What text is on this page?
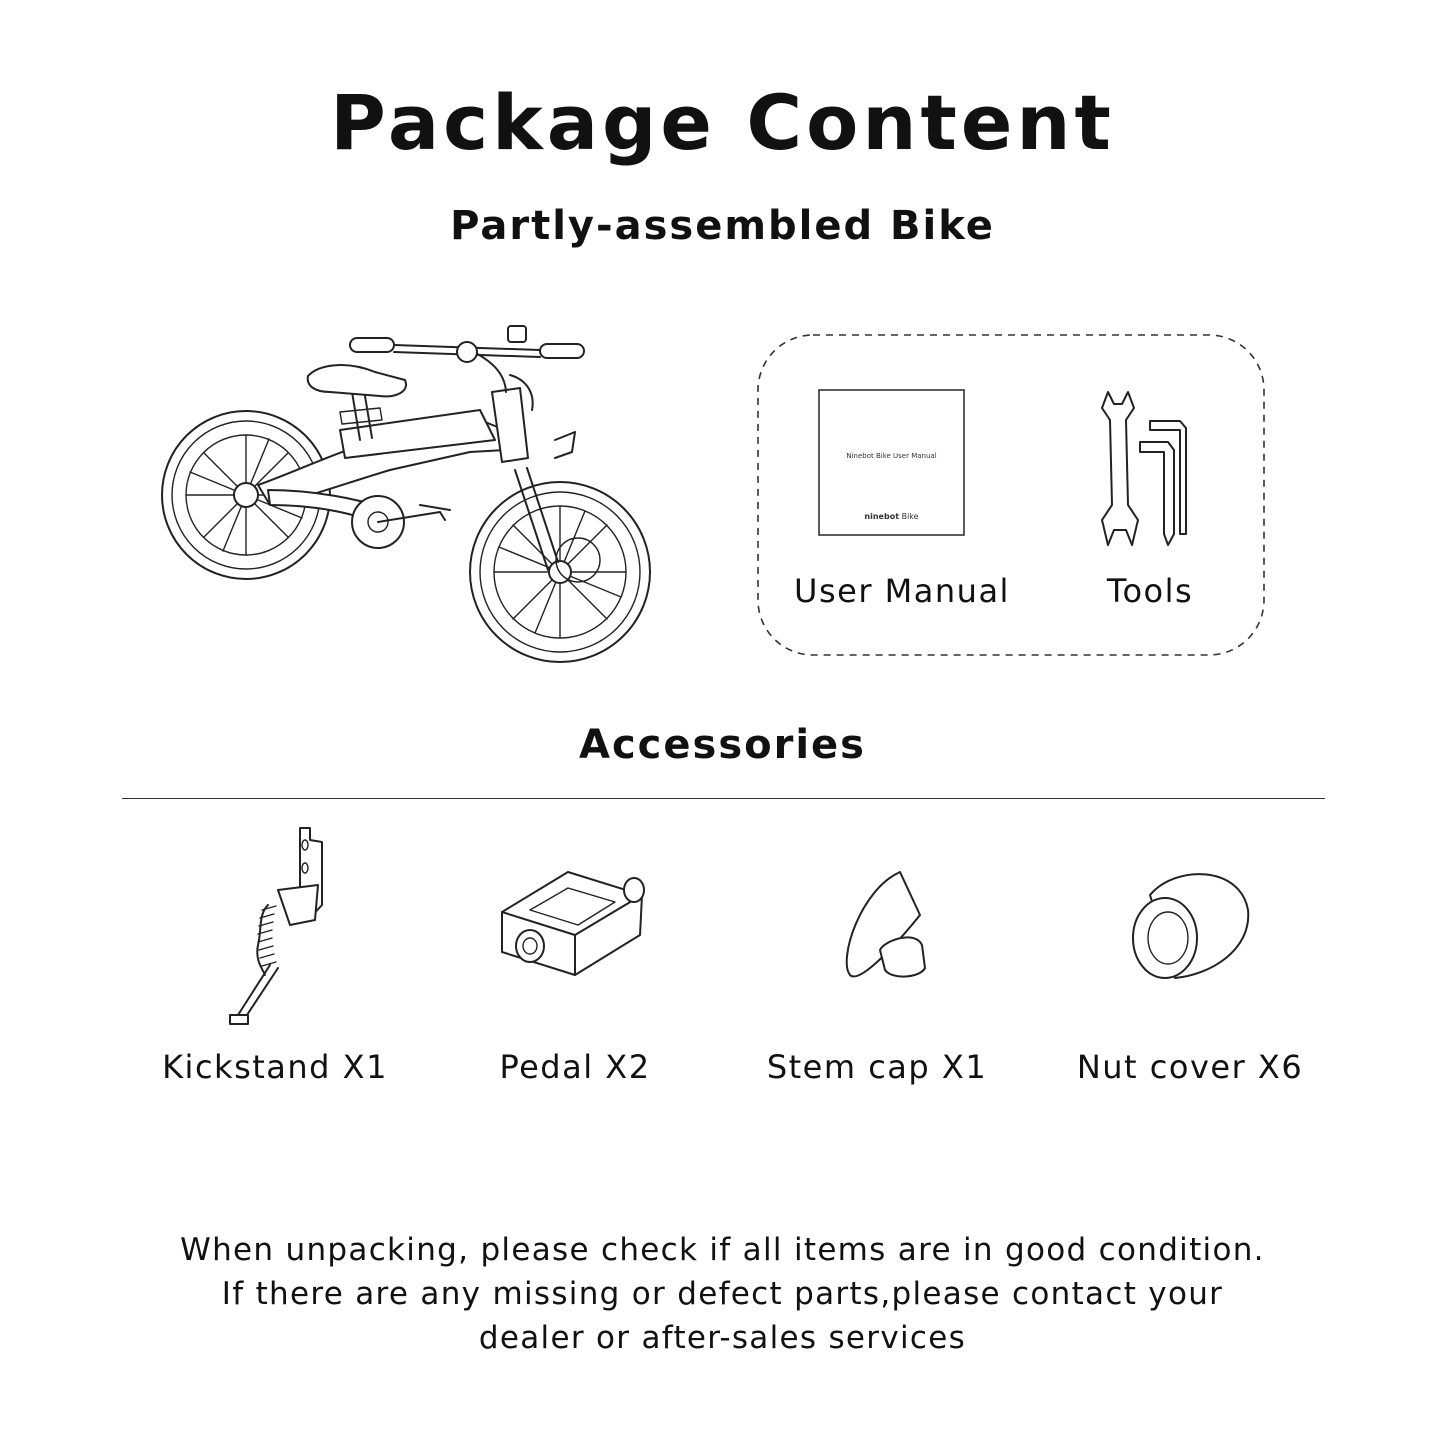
Package Content
Partly-assembled Bike
Ninebot Bike User Manual
ninebot Bike
User Manual	Tools
Accessories
Kickstand X1	Pedal X2	Stem cap X1	Nut cover X6
When unpacking, please check if all items are in good condition.
If there are any missing or defect parts,please contact your
dealer or after-sales services
